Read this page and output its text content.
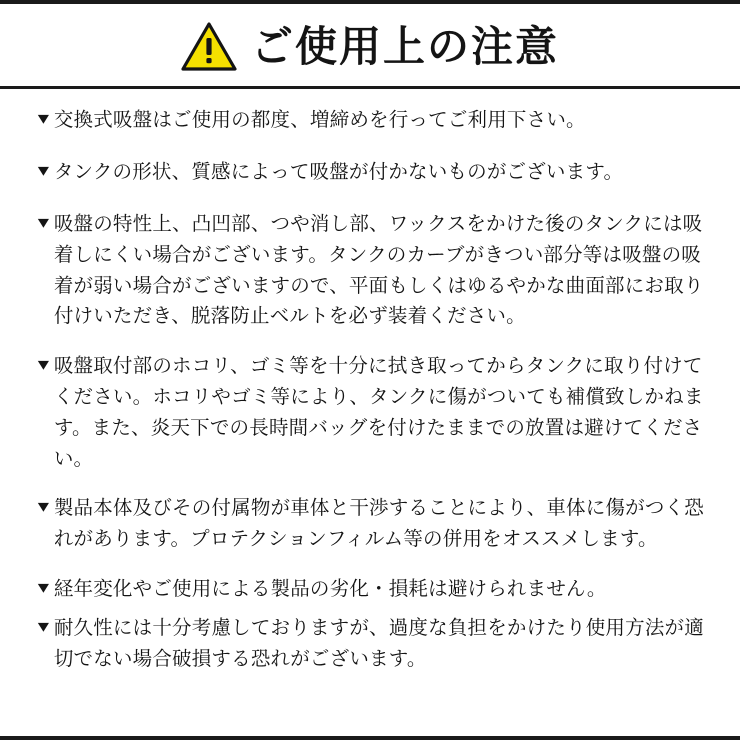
ご使用上の注意
▼ 交換式吸盤はご使用の都度、増締めを行ってご利用下さい。
▼ タンクの形状、質感によって吸盤が付かないものがございます。
▼ 吸盤の特性上、凸凹部、つや消し部、ワックスをかけた後のタンクには吸着しにくい場合がございます。タンクのカーブがきつい部分等は吸盤の吸着が弱い場合がございますので、平面もしくはゆるやかな曲面部にお取り付けいただき、脱落防止ベルトを必ず装着ください。
▼ 吸盤取付部のホコリ、ゴミ等を十分に拭き取ってからタンクに取り付けてください。ホコリやゴミ等により、タンクに傷がついても補償致しかねます。また、炎天下での長時間バッグを付けたままでの放置は避けてください。
▼ 製品本体及びその付属物が車体と干渉することにより、車体に傷がつく恐れがあります。プロテクションフィルム等の併用をオススメします。
▼ 経年変化やご使用による製品の劣化・損耗は避けられません。
▼ 耐久性には十分考慮しておりますが、過度な負担をかけたり使用方法が適切でない場合破損する恐れがございます。
